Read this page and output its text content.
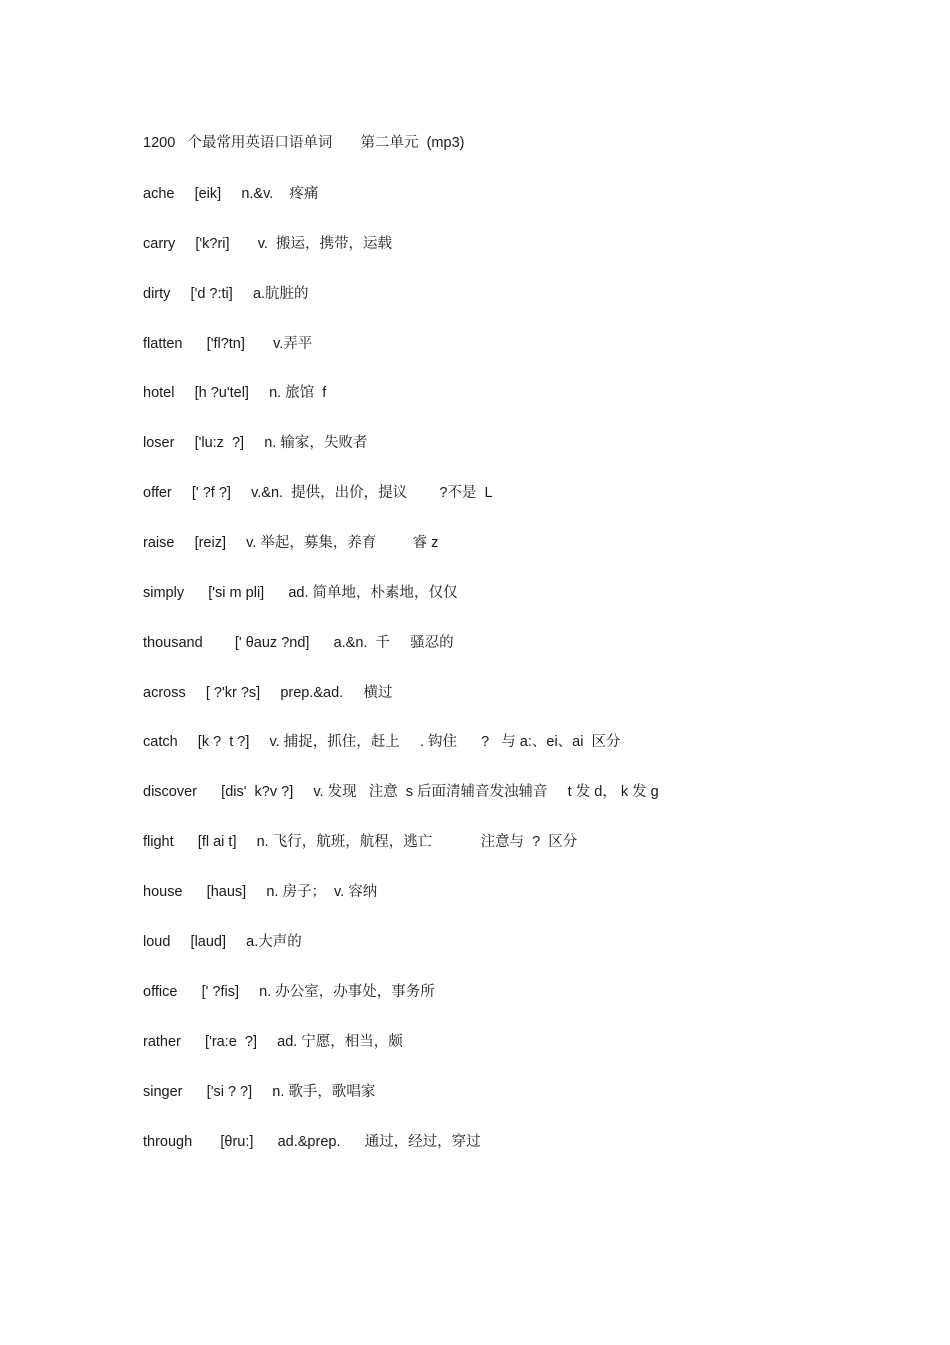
1200   个最常用英语口语单词       第二单元  (mp3)
ache     [eik]     n.&v.    疼痛
carry     ['k?ri]       v.  搬运，携带，运载
dirty     ['d ?:ti]     a.肮脏的
flatten      ['fl?tn]       v.弄平
hotel     [h ?u'tel]     n. 旅馆  f
loser     ['lu:z  ?]     n. 输家，失败者
offer     [' ?f ?]     v.&n.  提供，出价，提议        ?不是  L
raise     [reiz]     v. 举起，募集，养育         睿 z
simply      ['si m pli]      ad. 简单地，朴素地，仅仅
thousand        [' θauz ?nd]      a.&n.  千     骚忍的
across     [ ?'kr ?s]     prep.&ad.     横过
catch     [k ?  t ?]     v. 捕捉，抓住，赶上     . 钩住      ?   与 a:、ei、ai  区分
discover      [dis'  k?v ?]     v. 发现   注意  s 后面清辅音发浊辅音     t 发 d， k 发 g
flight      [fl ai t]     n. 飞行，航班，航程，逃亡            注意与  ?  区分
house      [haus]     n. 房子；  v. 容纳
loud     [laud]     a.大声的
office      [' ?fis]     n. 办公室，办事处，事务所
rather      ['ra:e  ?]     ad. 宁愿，相当，颇
singer      ['si ? ?]     n. 歌手，歌唱家
through       [θru:]      ad.&prep.      通过，经过，穿过
